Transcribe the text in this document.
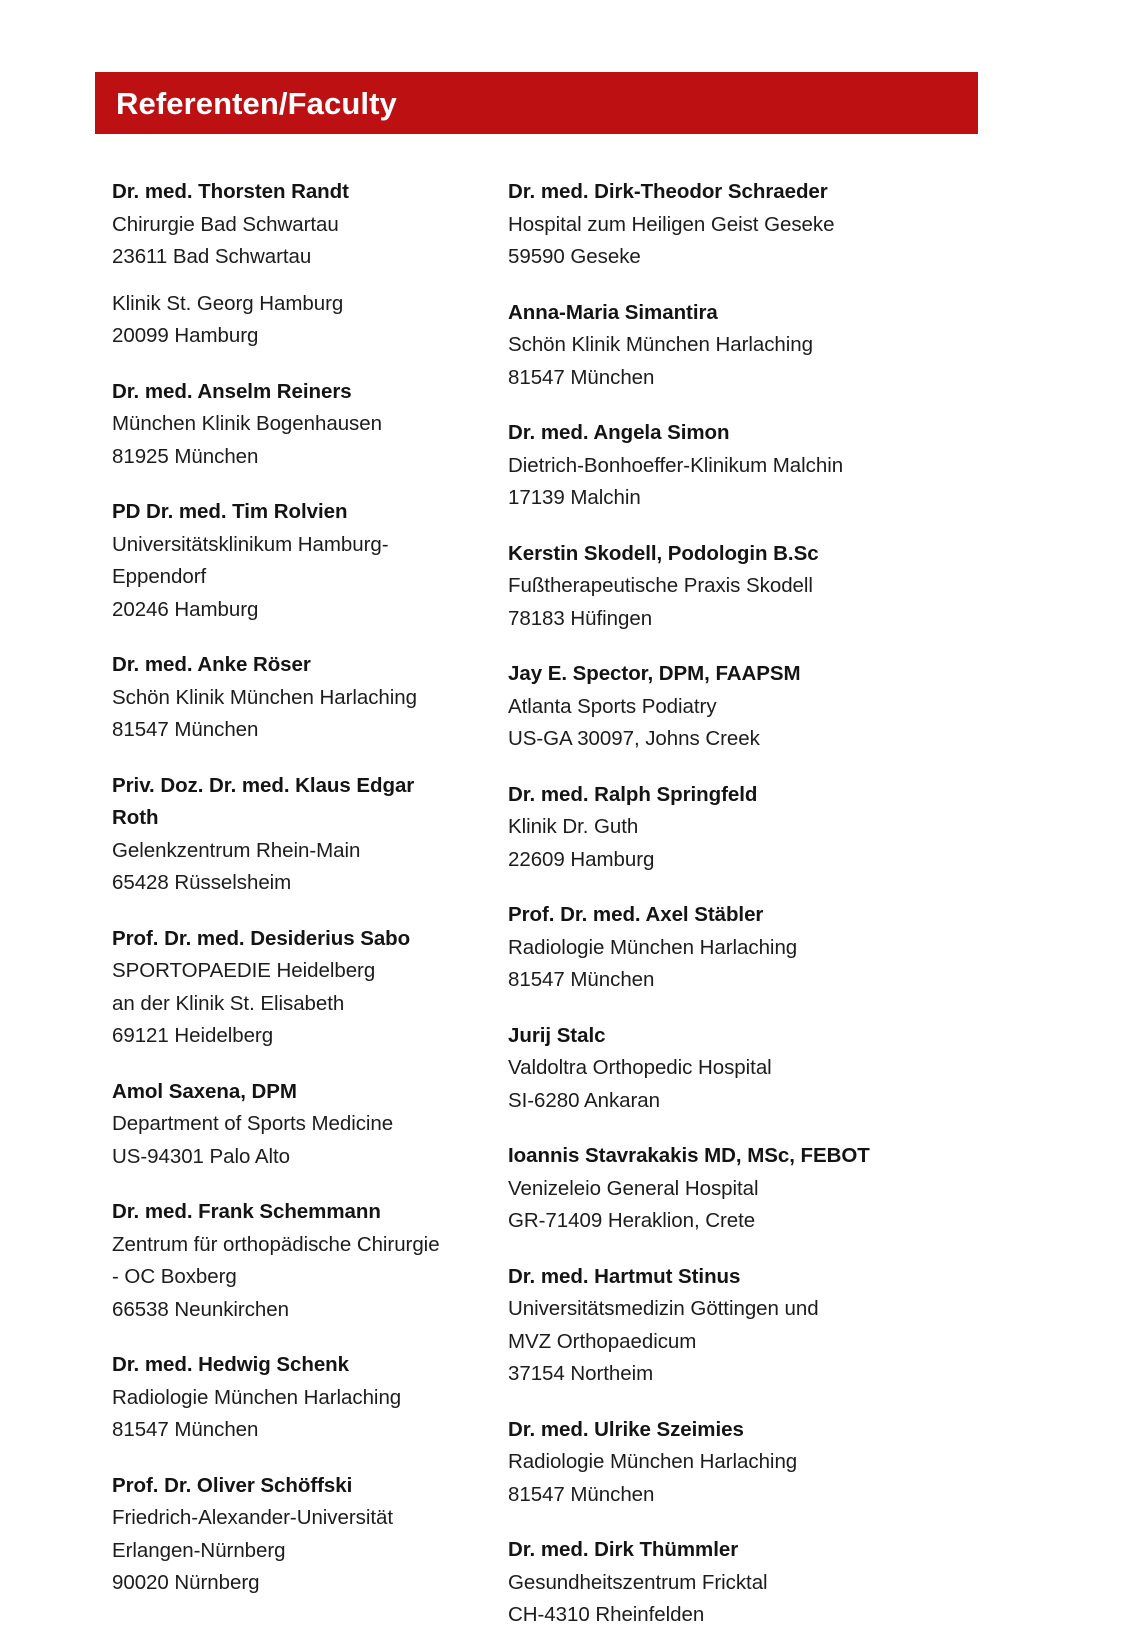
Referenten/Faculty
Dr. med. Thorsten Randt
Chirurgie Bad Schwartau
23611 Bad Schwartau
Klinik St. Georg Hamburg
20099 Hamburg
Dr. med. Anselm Reiners
München Klinik Bogenhausen
81925 München
PD Dr. med. Tim Rolvien
Universitätsklinikum Hamburg-
Eppendorf
20246 Hamburg
Dr. med. Anke Röser
Schön Klinik München Harlaching
81547 München
Priv. Doz. Dr. med. Klaus Edgar Roth
Gelenkzentrum Rhein-Main
65428 Rüsselsheim
Prof. Dr. med. Desiderius Sabo
SPORTOPAEDIE Heidelberg
an der Klinik St. Elisabeth
69121 Heidelberg
Amol Saxena, DPM
Department of Sports Medicine
US-94301 Palo Alto
Dr. med. Frank Schemmann
Zentrum für orthopädische Chirurgie
- OC Boxberg
66538 Neunkirchen
Dr. med. Hedwig Schenk
Radiologie München Harlaching
81547 München
Prof. Dr. Oliver Schöffski
Friedrich-Alexander-Universität
Erlangen-Nürnberg
90020 Nürnberg
Dr. med. Dirk-Theodor Schraeder
Hospital zum Heiligen Geist Geseke
59590 Geseke
Anna-Maria Simantira
Schön Klinik München Harlaching
81547 München
Dr. med. Angela Simon
Dietrich-Bonhoeffer-Klinikum Malchin
17139 Malchin
Kerstin Skodell, Podologin B.Sc
Fußtherapeutische Praxis Skodell
78183 Hüfingen
Jay E. Spector, DPM, FAAPSM
Atlanta Sports Podiatry
US-GA 30097, Johns Creek
Dr. med. Ralph Springfeld
Klinik Dr. Guth
22609 Hamburg
Prof. Dr. med. Axel Stäbler
Radiologie München Harlaching
81547 München
Jurij Stalc
Valdoltra Orthopedic Hospital
SI-6280 Ankaran
Ioannis Stavrakakis MD, MSc, FEBOT
Venizeleio General Hospital
GR-71409 Heraklion, Crete
Dr. med. Hartmut Stinus
Universitätsmedizin Göttingen und
MVZ Orthopaedicum
37154 Northeim
Dr. med. Ulrike Szeimies
Radiologie München Harlaching
81547 München
Dr. med. Dirk Thümmler
Gesundheitszentrum Fricktal
CH-4310 Rheinfelden
